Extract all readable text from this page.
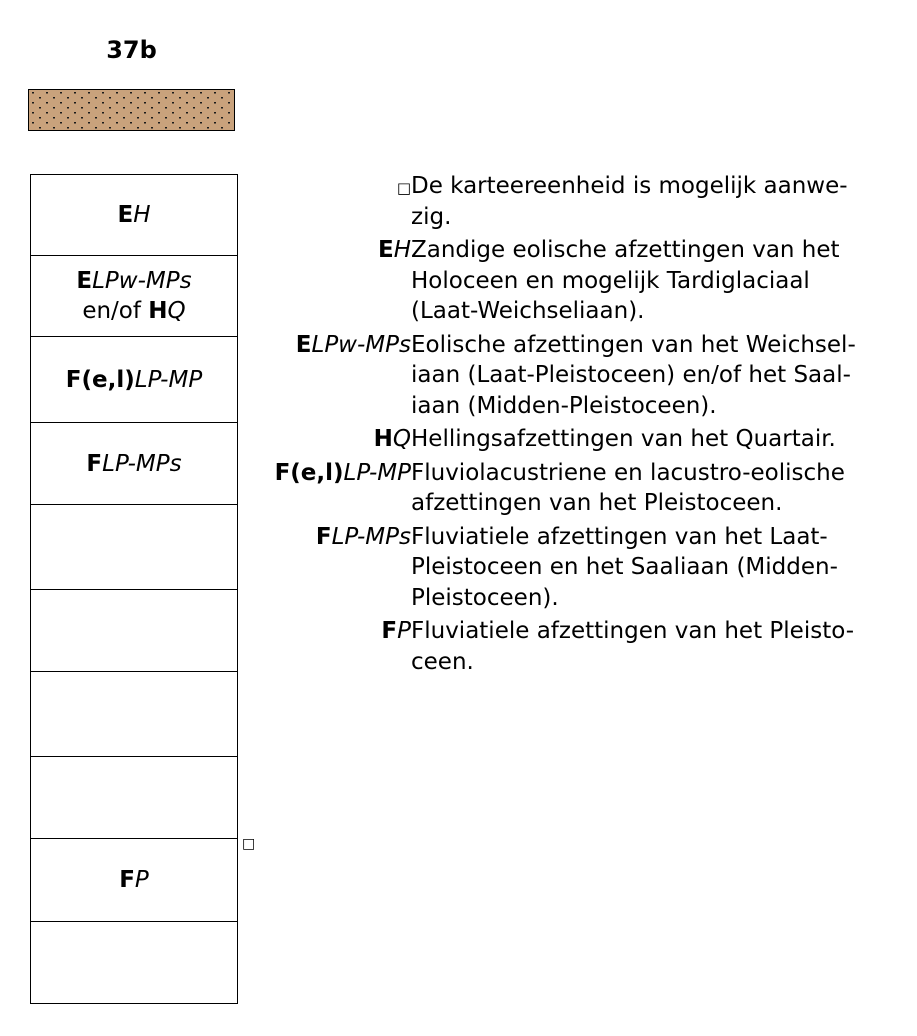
37b
EH
ELPw-MPs
en/of HQ
F(e,l)LP-MP
FLP-MPs
FP
□
□ De karteereenheid is mogelijk aanwe-
zig.
EH Zandige eolische afzettingen van het
Holoceen en mogelijk Tardiglaciaal
(Laat-Weichseliaan).
ELPw-MPs Eolische afzettingen van het Weichsel-
iaan (Laat-Pleistoceen) en/of het Saal-
iaan (Midden-Pleistoceen).
HQ Hellingsafzettingen van het Quartair.
F(e,l)LP-MP Fluviolacustriene en lacustro-eolische
afzettingen van het Pleistoceen.
FLP-MPs Fluviatiele afzettingen van het Laat-
Pleistoceen en het Saaliaan (Midden-
Pleistoceen).
FP Fluviatiele afzettingen van het Pleisto-
ceen.
